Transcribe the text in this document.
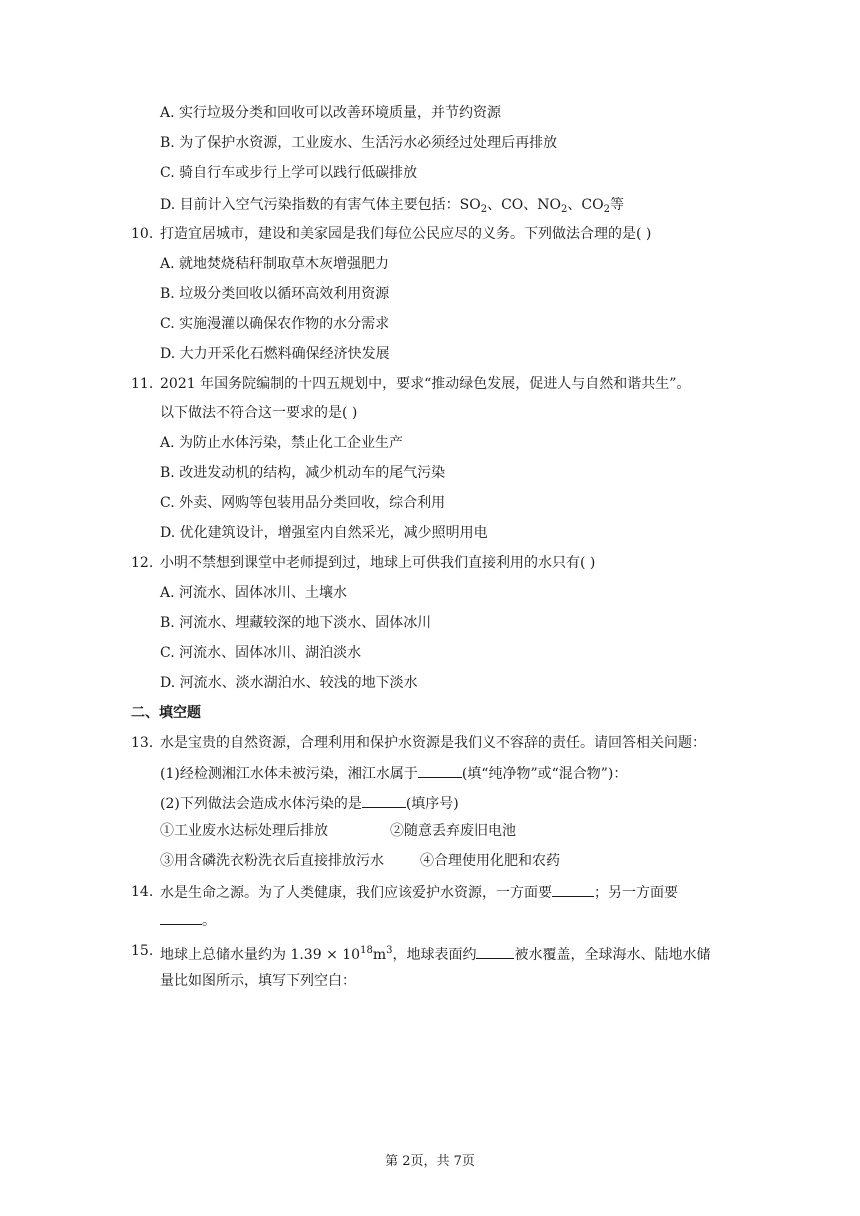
A. 实行垃圾分类和回收可以改善环境质量，并节约资源
B. 为了保护水资源，工业废水、生活污水必须经过处理后再排放
C. 骑自行车或步行上学可以践行低碳排放
D. 目前计入空气污染指数的有害气体主要包括：$SO_2$、CO、$NO_2$、$CO_2$等
10. 打造宜居城市，建设和美家园是我们每位公民应尽的义务。下列做法合理的是( )
A. 就地焚烧秸秆制取草木灰增强肥力
B. 垃圾分类回收以循环高效利用资源
C. 实施漫灌以确保农作物的水分需求
D. 大力开采化石燃料确保经济快发展
11. 2021 年国务院编制的十四五规划中，要求“推动绿色发展，促进人与自然和谐共生”。
以下做法不符合这一要求的是( )
A. 为防止水体污染，禁止化工企业生产
B. 改进发动机的结构，减少机动车的尾气污染
C. 外卖、网购等包装用品分类回收，综合利用
D. 优化建筑设计，增强室内自然采光，减少照明用电
12. 小明不禁想到课堂中老师提到过，地球上可供我们直接利用的水只有( )
A. 河流水、固体冰川、土壤水
B. 河流水、埋藏较深的地下淡水、固体冰川
C. 河流水、固体冰川、湖泊淡水
D. 河流水、淡水湖泊水、较浅的地下淡水
二、填空题
13. 水是宝贵的自然资源，合理利用和保护水资源是我们义不容辞的责任。请回答相关问题：
(1)经检测湘江水体未被污染，湘江水属于	(填“纯净物”或“混合物”)：
(2)下列做法会造成水体污染的是	(填序号)
①工业废水达标处理后排放	②随意丢弃废旧电池
③用含磷洗衣粉洗衣后直接排放污水	④合理使用化肥和农药
14. 水是生命之源。为了人类健康，我们应该爱护水资源，一方面要	；另一方面要
。
15. 地球上总储水量约为 $1.39 \times 10^{18}m^3$，地球表面约	被水覆盖，全球海水、陆地水储
量比如图所示，填写下列空白：
第 2页，共 7页
